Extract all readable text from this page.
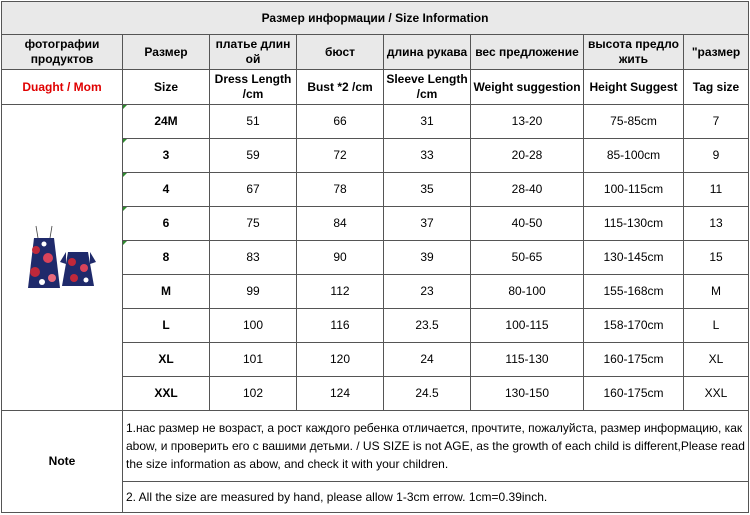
Размер информации / Size Information							
фотографии продуктов	Размер	платье длин ой	бюст	длина рукава	вес предложение	высота предло жить	"размер
Duaght / Mom	Size	Dress Length /cm	Bust *2 /cm	Sleeve Length /cm	Weight suggestion	Height Suggest	Tag size
	24M	51	66	31	13-20	75-85cm	7
	3	59	72	33	20-28	85-100cm	9
	4	67	78	35	28-40	100-115cm	11
	6	75	84	37	40-50	115-130cm	13
	8	83	90	39	50-65	130-145cm	15
	M	99	112	23	80-100	155-168cm	M
	L	100	116	23.5	100-115	158-170cm	L
	XL	101	120	24	115-130	160-175cm	XL
	XXL	102	124	24.5	130-150	160-175cm	XXL
Note	1.нас размер не возраст, а рост каждого ребенка отличается, прочтите, пожалуйста, размер информацию, как abow, и проверить его с вашими детьми. / US SIZE is not AGE, as the growth of each child is different,Please read the size information as abow, and check it with your children.						
	2. All the size are measured by hand, please allow 1-3cm errow. 1cm=0.39inch.						
